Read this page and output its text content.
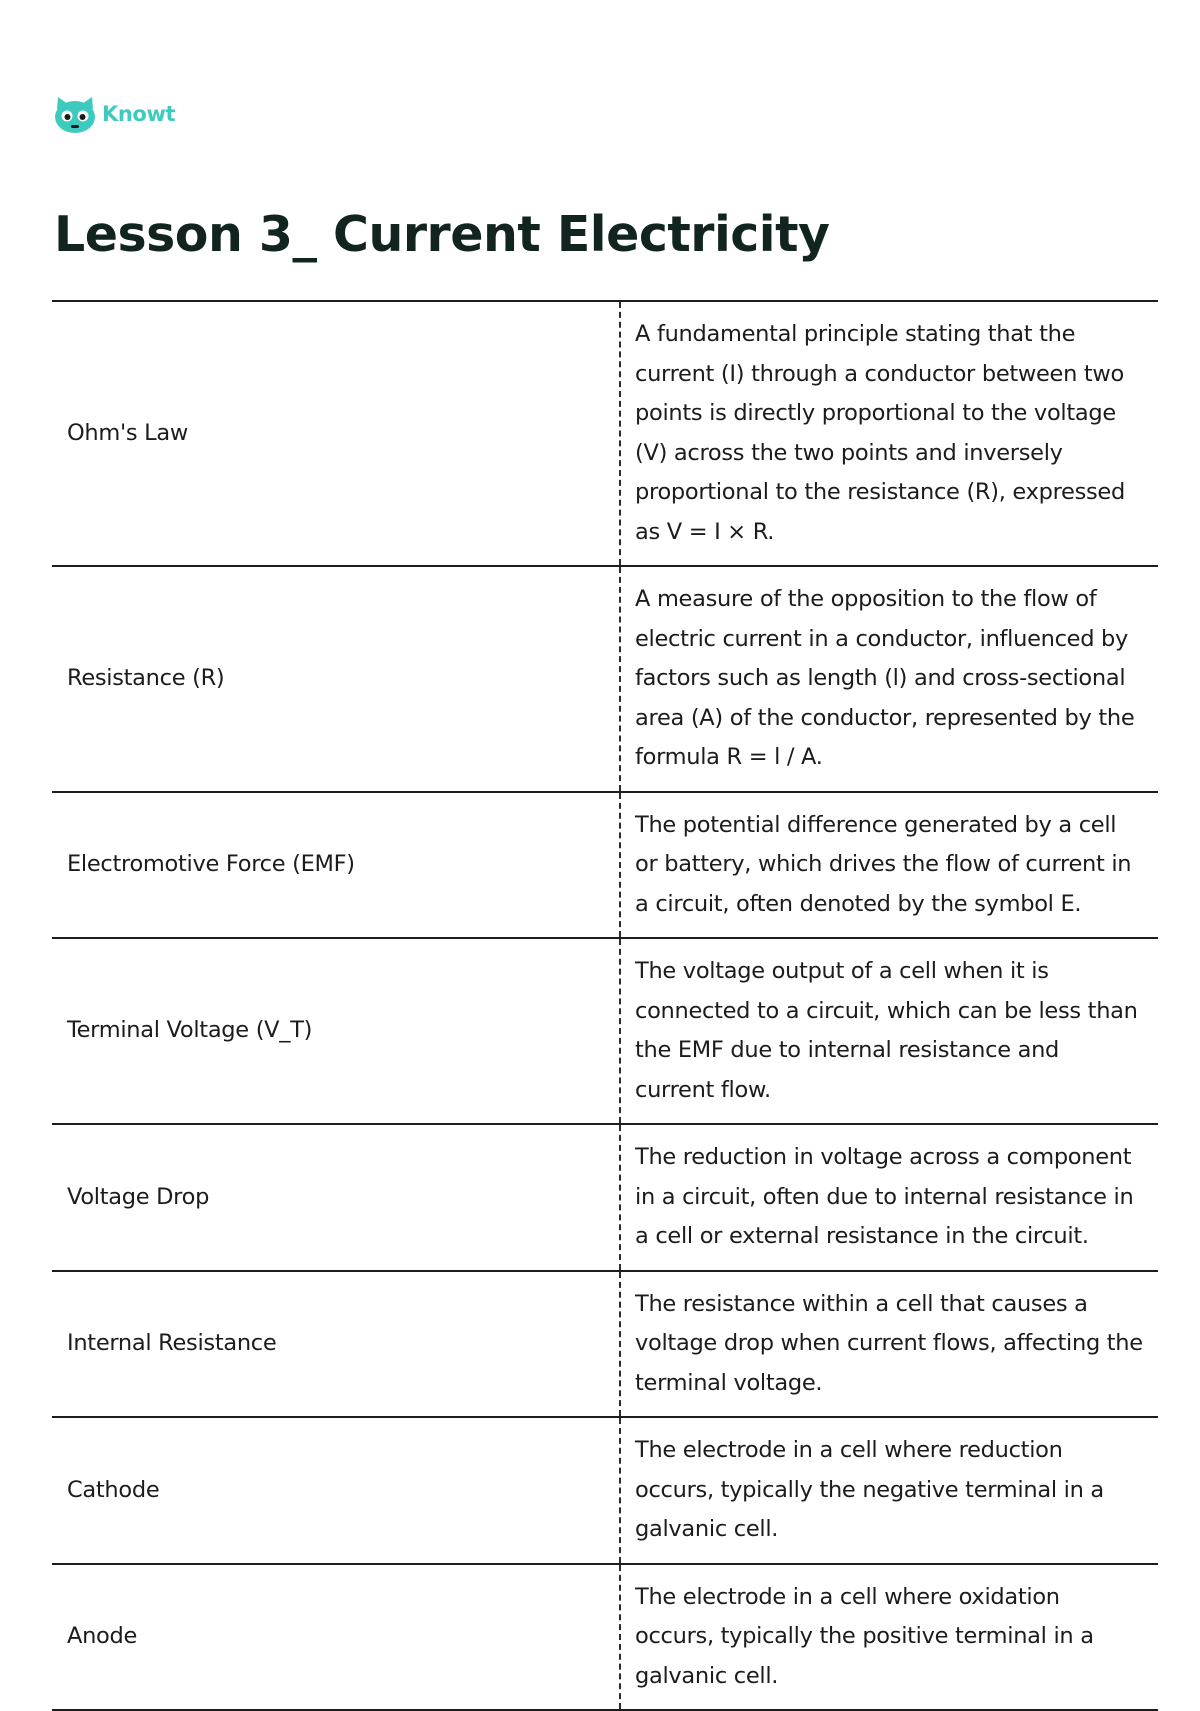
Knowt
Lesson 3_ Current Electricity
Ohm's Law	A fundamental principle stating that the current (I) through a conductor between two points is directly proportional to the voltage (V) across the two points and inversely proportional to the resistance (R), expressed as V = I × R.
Resistance (R)	A measure of the opposition to the flow of electric current in a conductor, influenced by factors such as length (l) and cross-sectional area (A) of the conductor, represented by the formula R = l / A.
Electromotive Force (EMF)	The potential difference generated by a cell or battery, which drives the flow of current in a circuit, often denoted by the symbol E.
Terminal Voltage (V_T)	The voltage output of a cell when it is connected to a circuit, which can be less than the EMF due to internal resistance and current flow.
Voltage Drop	The reduction in voltage across a component in a circuit, often due to internal resistance in a cell or external resistance in the circuit.
Internal Resistance	The resistance within a cell that causes a voltage drop when current flows, affecting the terminal voltage.
Cathode	The electrode in a cell where reduction occurs, typically the negative terminal in a galvanic cell.
Anode	The electrode in a cell where oxidation occurs, typically the positive terminal in a galvanic cell.
